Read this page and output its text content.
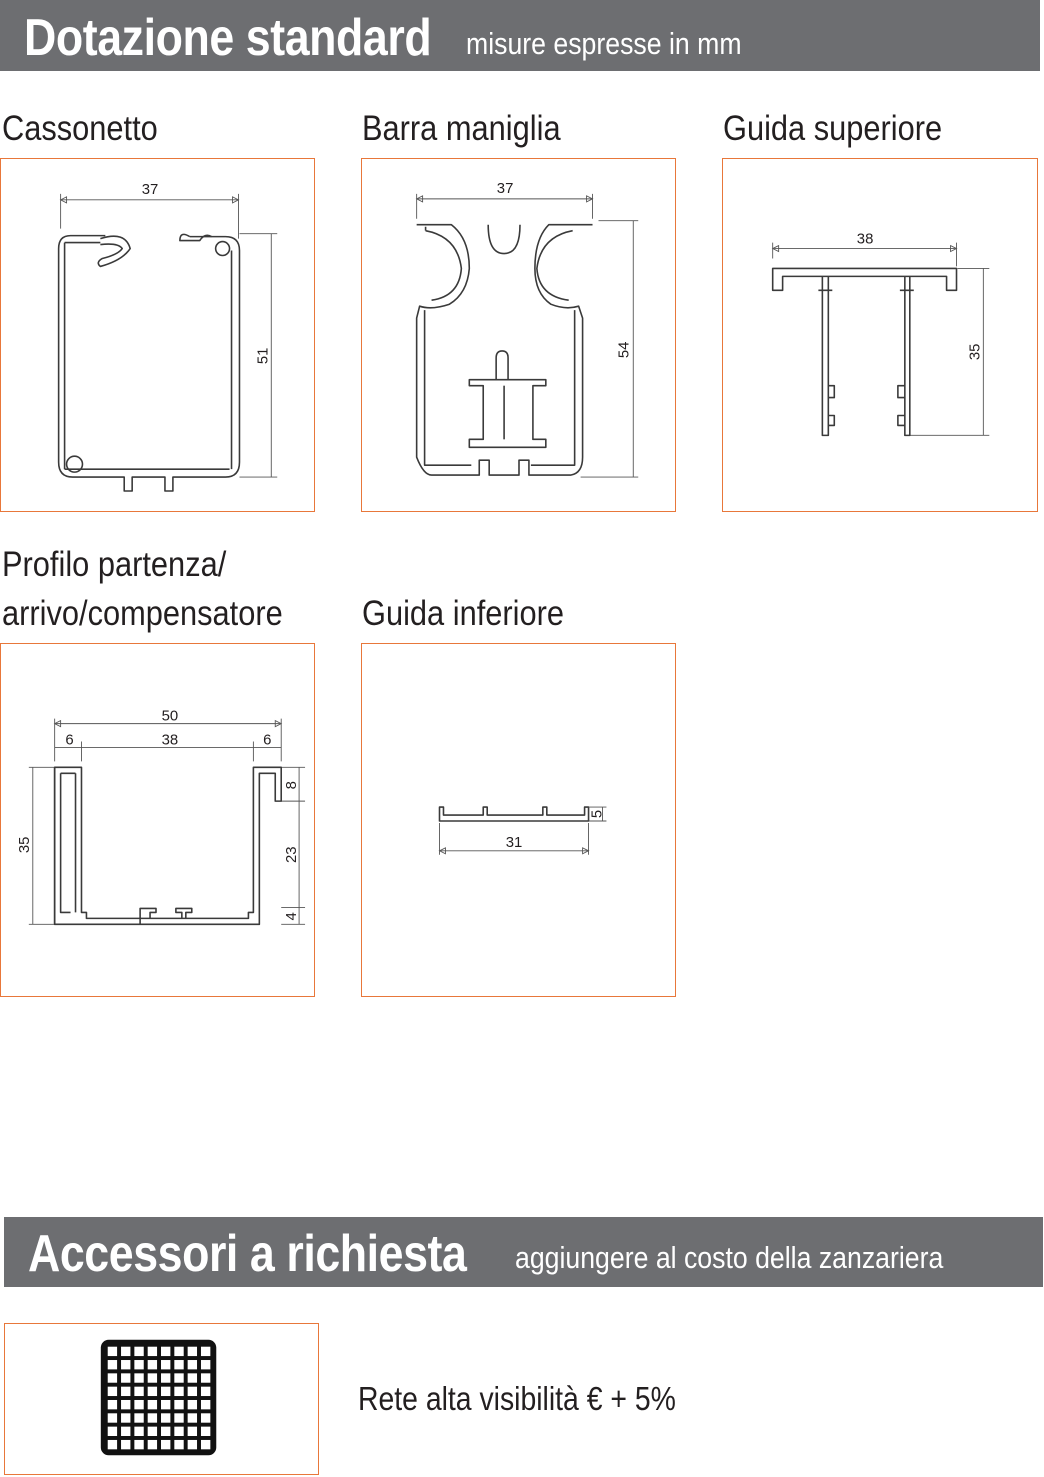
Dotazione standard misure espresse in mm
Cassonetto
37
51
Barra maniglia
37
54
Guida superiore
38
35
Profilo partenza/
arrivo/compensatore
50
6	38	6
35
8
23
4
Guida inferiore
5
31
Accessori a richiesta aggiungere al costo della zanzariera
Rete alta visibilità € + 5%
